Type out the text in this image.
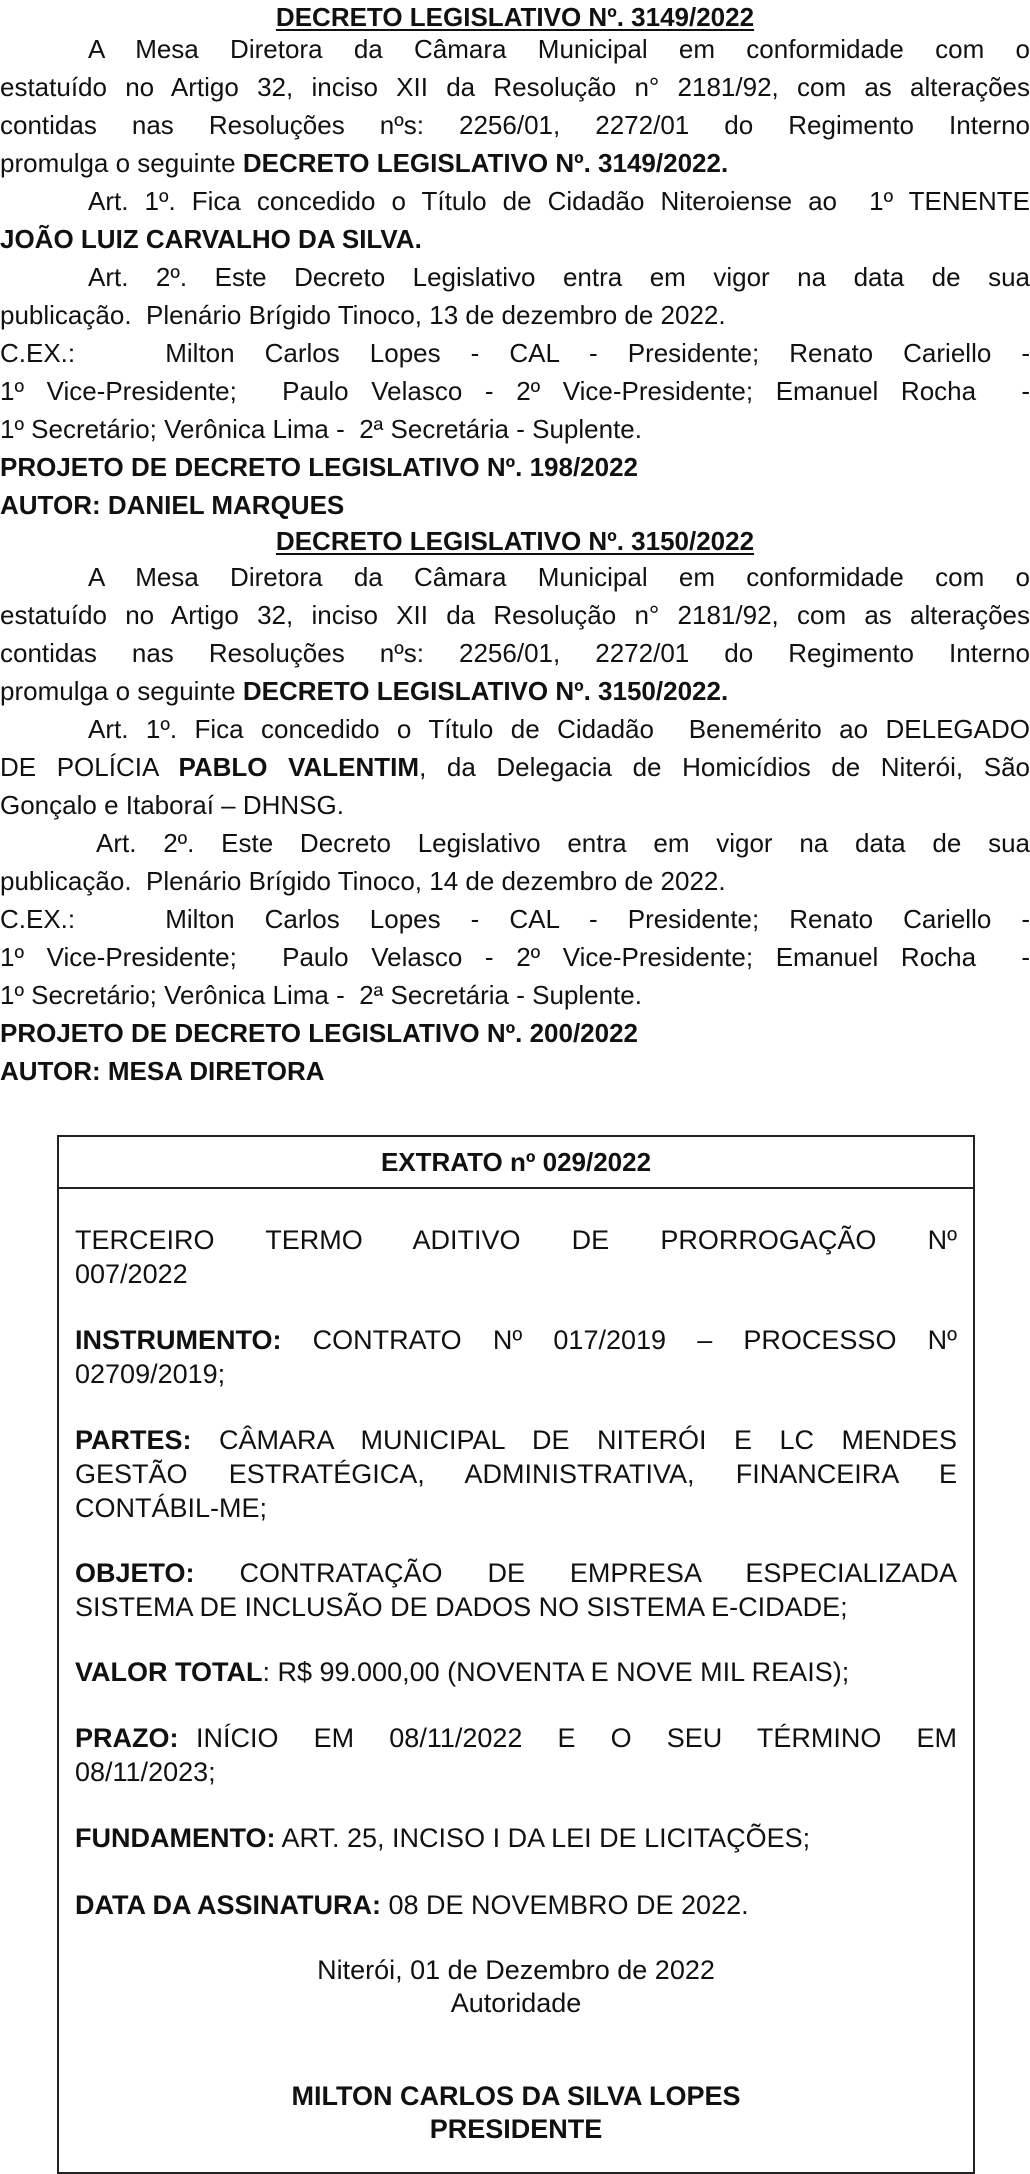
DECRETO LEGISLATIVO Nº. 3149/2022
A Mesa Diretora da Câmara Municipal em conformidade com o
estatuído no Artigo 32, inciso XII da Resolução n° 2181/92, com as alterações
contidas nas Resoluções nºs: 2256/01, 2272/01 do Regimento Interno
promulga o seguinte DECRETO LEGISLATIVO Nº. 3149/2022.
Art. 1º. Fica concedido o Título de Cidadão Niteroiense ao  1º TENENTE
JOÃO LUIZ CARVALHO DA SILVA.
Art. 2º. Este Decreto Legislativo entra em vigor na data de sua
publicação.  Plenário Brígido Tinoco, 13 de dezembro de 2022.
C.EX.:   Milton Carlos Lopes - CAL - Presidente; Renato Cariello -
1º Vice-Presidente;  Paulo Velasco - 2º Vice-Presidente; Emanuel Rocha  -
1º Secretário; Verônica Lima -  2ª Secretária - Suplente.
PROJETO DE DECRETO LEGISLATIVO Nº. 198/2022
AUTOR: DANIEL MARQUES
DECRETO LEGISLATIVO Nº. 3150/2022
A Mesa Diretora da Câmara Municipal em conformidade com o
estatuído no Artigo 32, inciso XII da Resolução n° 2181/92, com as alterações
contidas nas Resoluções nºs: 2256/01, 2272/01 do Regimento Interno
promulga o seguinte DECRETO LEGISLATIVO Nº. 3150/2022.
Art. 1º. Fica concedido o Título de Cidadão  Benemérito ao DELEGADO
DE POLÍCIA PABLO VALENTIM, da Delegacia de Homicídios de Niterói, São
Gonçalo e Itaboraí – DHNSG.
Art. 2º. Este Decreto Legislativo entra em vigor na data de sua
publicação.  Plenário Brígido Tinoco, 14 de dezembro de 2022.
C.EX.:   Milton Carlos Lopes - CAL - Presidente; Renato Cariello -
1º Vice-Presidente;  Paulo Velasco - 2º Vice-Presidente; Emanuel Rocha  -
1º Secretário; Verônica Lima -  2ª Secretária - Suplente.
PROJETO DE DECRETO LEGISLATIVO Nº. 200/2022
AUTOR: MESA DIRETORA
EXTRATO nº 029/2022
TERCEIRO  TERMO  ADITIVO  DE  PRORROGAÇÃO  Nº
007/2022
INSTRUMENTO: CONTRATO Nº 017/2019 – PROCESSO Nº
02709/2019;
PARTES: CÂMARA MUNICIPAL DE NITERÓI E LC MENDES
GESTÃO ESTRATÉGICA, ADMINISTRATIVA, FINANCEIRA E
CONTÁBIL-ME;
OBJETO: CONTRATAÇÃO DE EMPRESA ESPECIALIZADA
SISTEMA DE INCLUSÃO DE DADOS NO SISTEMA E-CIDADE;
VALOR TOTAL: R$ 99.000,00 (NOVENTA E NOVE MIL REAIS);
PRAZO: INÍCIO  EM  08/11/2022  E  O  SEU  TÉRMINO  EM
08/11/2023;
FUNDAMENTO: ART. 25, INCISO I DA LEI DE LICITAÇÕES;
DATA DA ASSINATURA: 08 DE NOVEMBRO DE 2022.
Niterói, 01 de Dezembro de 2022
Autoridade
MILTON CARLOS DA SILVA LOPES
PRESIDENTE
